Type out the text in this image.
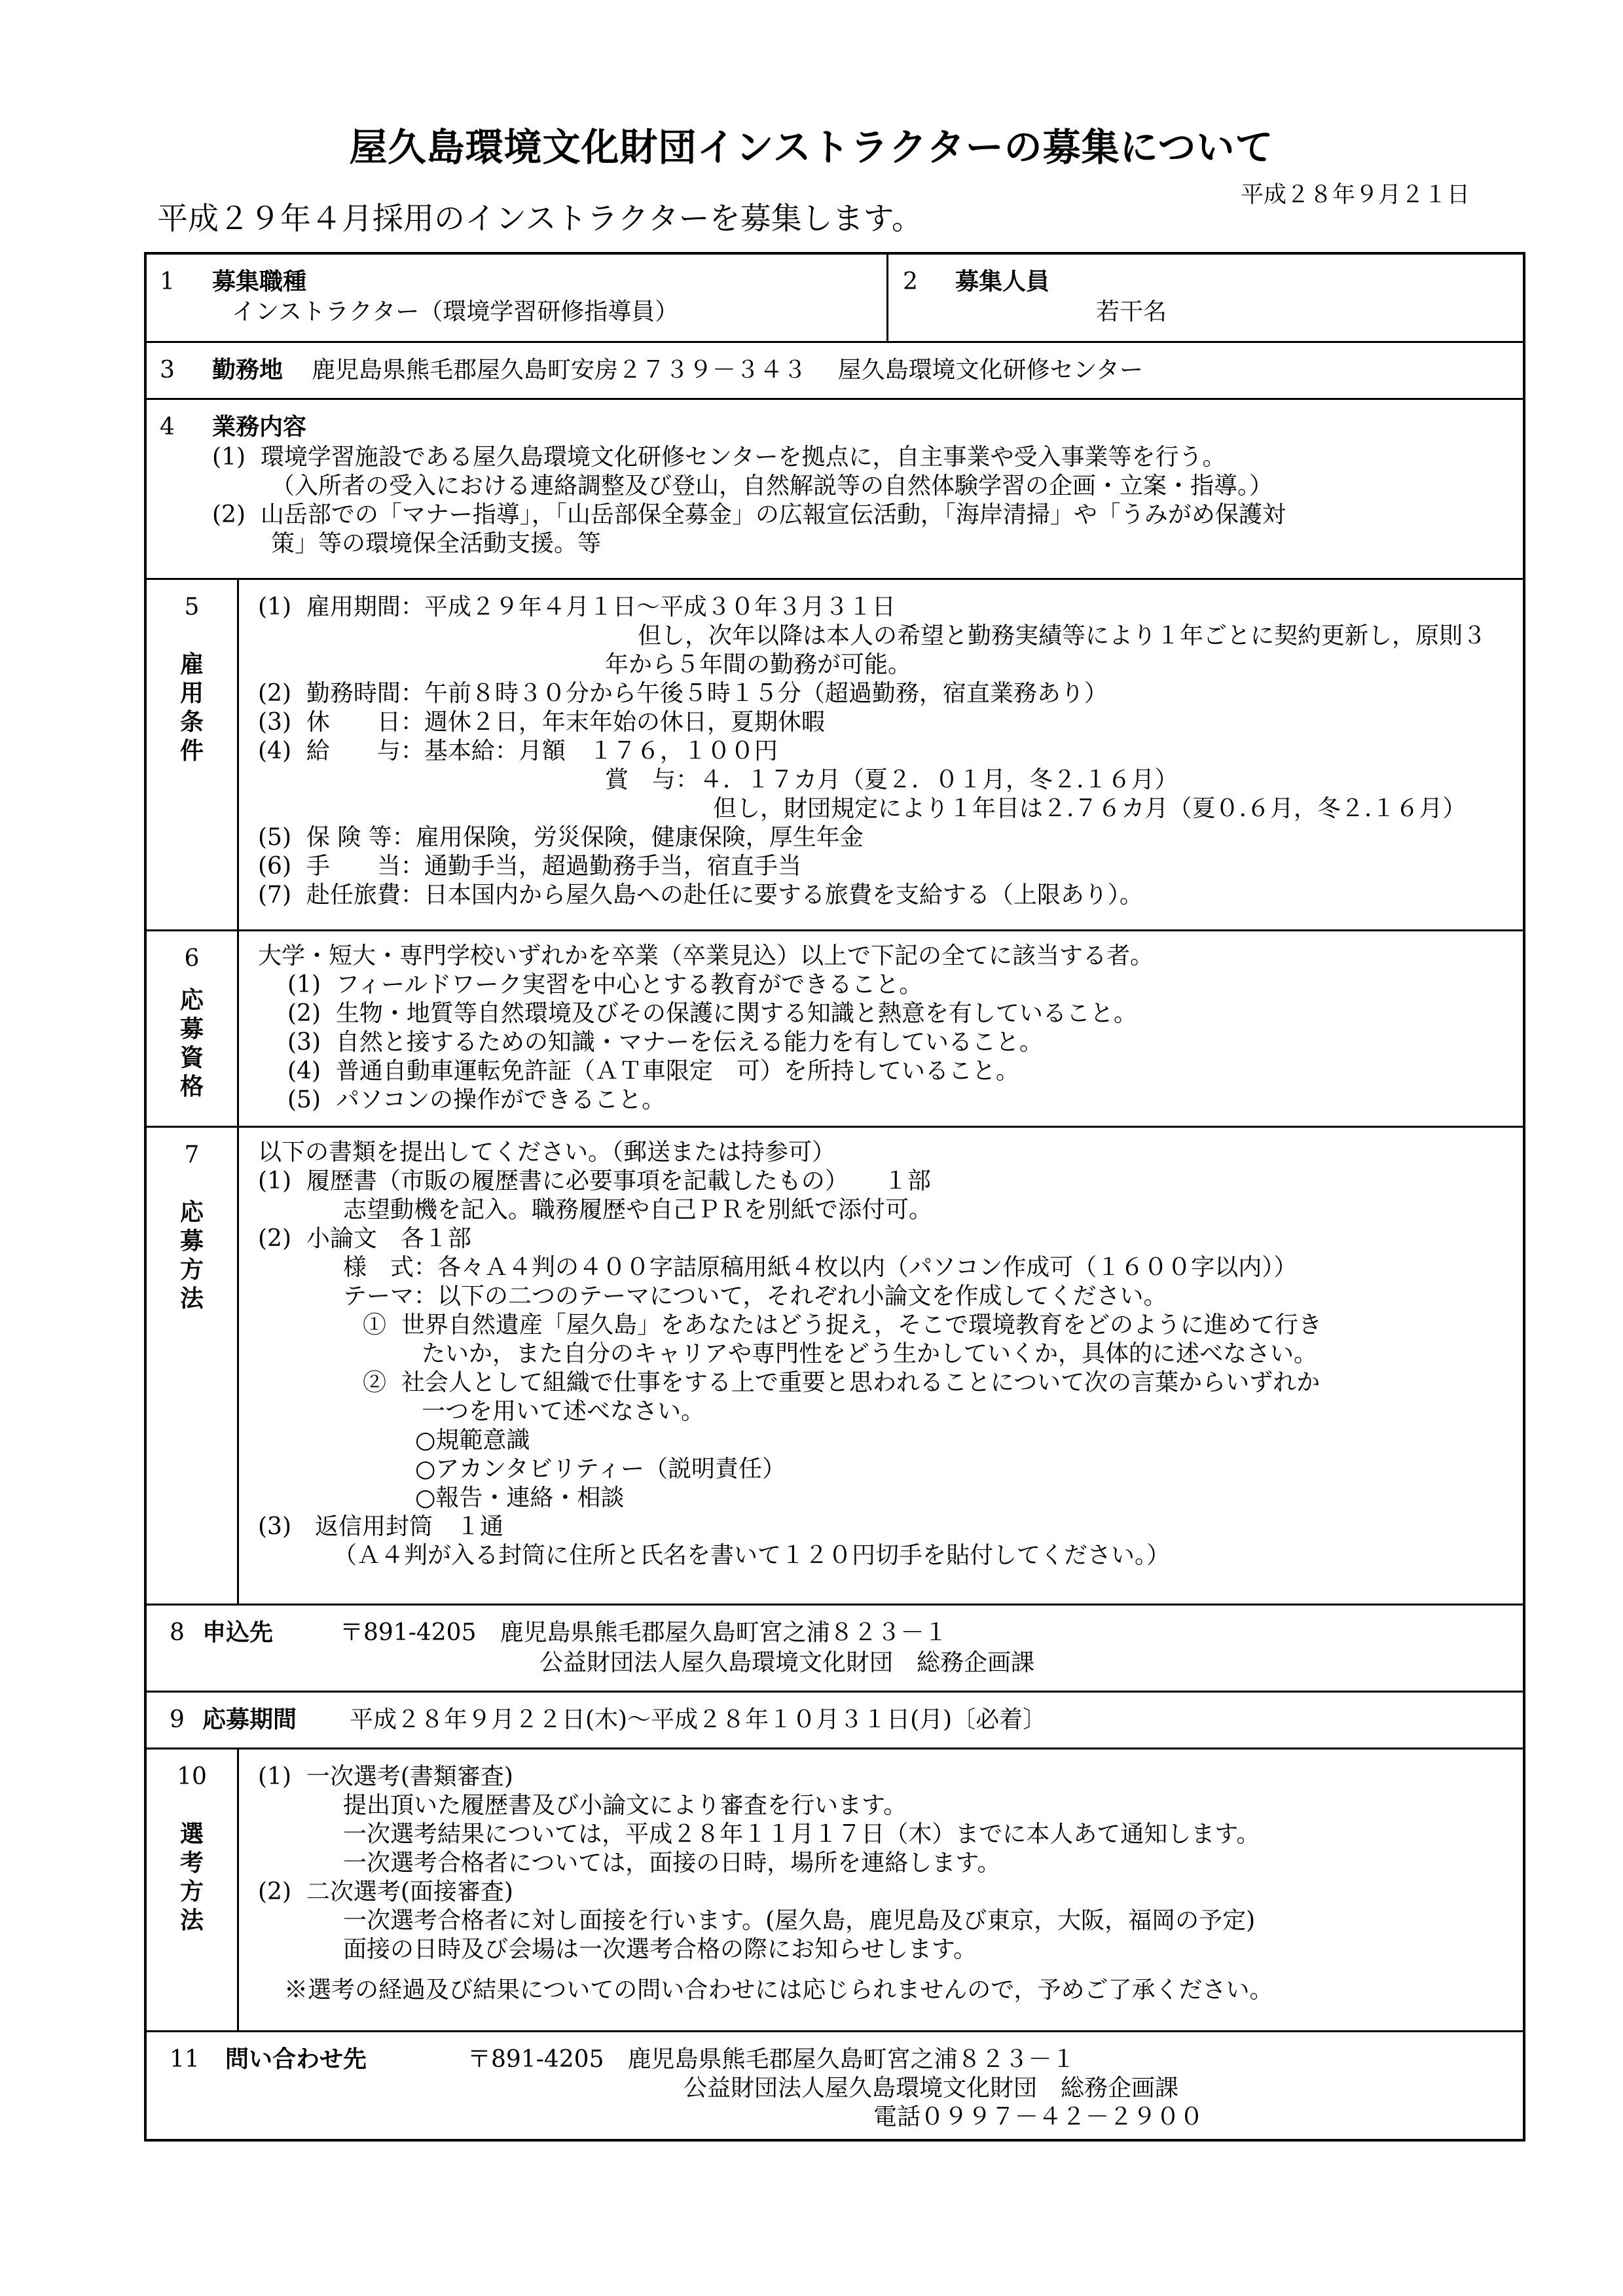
屋久島環境文化財団インストラクターの募集について
平成２８年９月２１日
平成２９年４月採用のインストラクターを募集します。
1 募集職種
インストラクター（環境学習研修指導員）
2 募集人員
若干名
3 勤務地 鹿児島県熊毛郡屋久島町安房２７３９－３４３　 屋久島環境文化研修センター
4 業務内容
(1)  環境学習施設である屋久島環境文化研修センターを拠点に，自主事業や受入事業等を行う。
（入所者の受入における連絡調整及び登山，自然解説等の自然体験学習の企画・立案・指導。）
(2)  山岳部での「マナー指導」，「山岳部保全募金」の広報宣伝活動，「海岸清掃」や「うみがめ保護対
策」等の環境保全活動支援。等
5
雇
用
条
件
(1)  雇用期間：平成２９年４月１日～平成３０年３月３１日
但し，次年以降は本人の希望と勤務実績等により１年ごとに契約更新し，原則３
年から５年間の勤務が可能。
(2)  勤務時間：午前８時３０分から午後５時１５分（超過勤務，宿直業務あり）
(3)  休　　日：週休２日，年末年始の休日，夏期休暇
(4)  給　　与：基本給：月額　１７６，１００円
賞　与：４．１７カ月（夏２．０１月，冬２.１６月）
但し，財団規定により１年目は２.７６カ月（夏０.６月，冬２.１６月）
(5)  保 険 等：雇用保険，労災保険，健康保険，厚生年金
(6)  手　　当：通勤手当，超過勤務手当，宿直手当
(7)  赴任旅費：日本国内から屋久島への赴任に要する旅費を支給する（上限あり）。
6
応
募
資
格
大学・短大・専門学校いずれかを卒業（卒業見込）以上で下記の全てに該当する者。
(1)  フィールドワーク実習を中心とする教育ができること。
(2)  生物・地質等自然環境及びその保護に関する知識と熱意を有していること。
(3)  自然と接するための知識・マナーを伝える能力を有していること。
(4)  普通自動車運転免許証（ＡＴ車限定　可）を所持していること。
(5)  パソコンの操作ができること。
7
応
募
方
法
以下の書類を提出してください。（郵送または持参可）
(1)  履歴書（市販の履歴書に必要事項を記載したもの）　　１部
志望動機を記入。職務履歴や自己ＰＲを別紙で添付可。
(2)  小論文　各１部
様　式：各々Ａ４判の４００字詰原稿用紙４枚以内（パソコン作成可（１６００字以内））
テーマ：以下の二つのテーマについて，それぞれ小論文を作成してください。
①  世界自然遺産「屋久島」をあなたはどう捉え，そこで環境教育をどのように進めて行き
たいか，また自分のキャリアや専門性をどう生かしていくか，具体的に述べなさい。
②  社会人として組織で仕事をする上で重要と思われることについて次の言葉からいずれか
一つを用いて述べなさい。
○規範意識
○アカンタビリティー（説明責任）
○報告・連絡・相談
(3)　返信用封筒　１通
（Ａ４判が入る封筒に住所と氏名を書いて１２０円切手を貼付してください。）
8 申込先	〒891-4205　鹿児島県熊毛郡屋久島町宮之浦８２３－１
公益財団法人屋久島環境文化財団　総務企画課
9 応募期間 平成２８年９月２２日(木)～平成２８年１０月３１日(月)〔必着〕
10
選
考
方
法
(1)  一次選考(書類審査)
提出頂いた履歴書及び小論文により審査を行います。
一次選考結果については，平成２８年１１月１７日（木）までに本人あて通知します。
一次選考合格者については，面接の日時，場所を連絡します。
(2)  二次選考(面接審査)
一次選考合格者に対し面接を行います。(屋久島，鹿児島及び東京，大阪，福岡の予定)
面接の日時及び会場は一次選考合格の際にお知らせします。
※選考の経過及び結果についての問い合わせには応じられませんので，予めご了承ください。
11 問い合わせ先	〒891-4205　鹿児島県熊毛郡屋久島町宮之浦８２３－１
公益財団法人屋久島環境文化財団　総務企画課
電話０９９７－４２－２９００
